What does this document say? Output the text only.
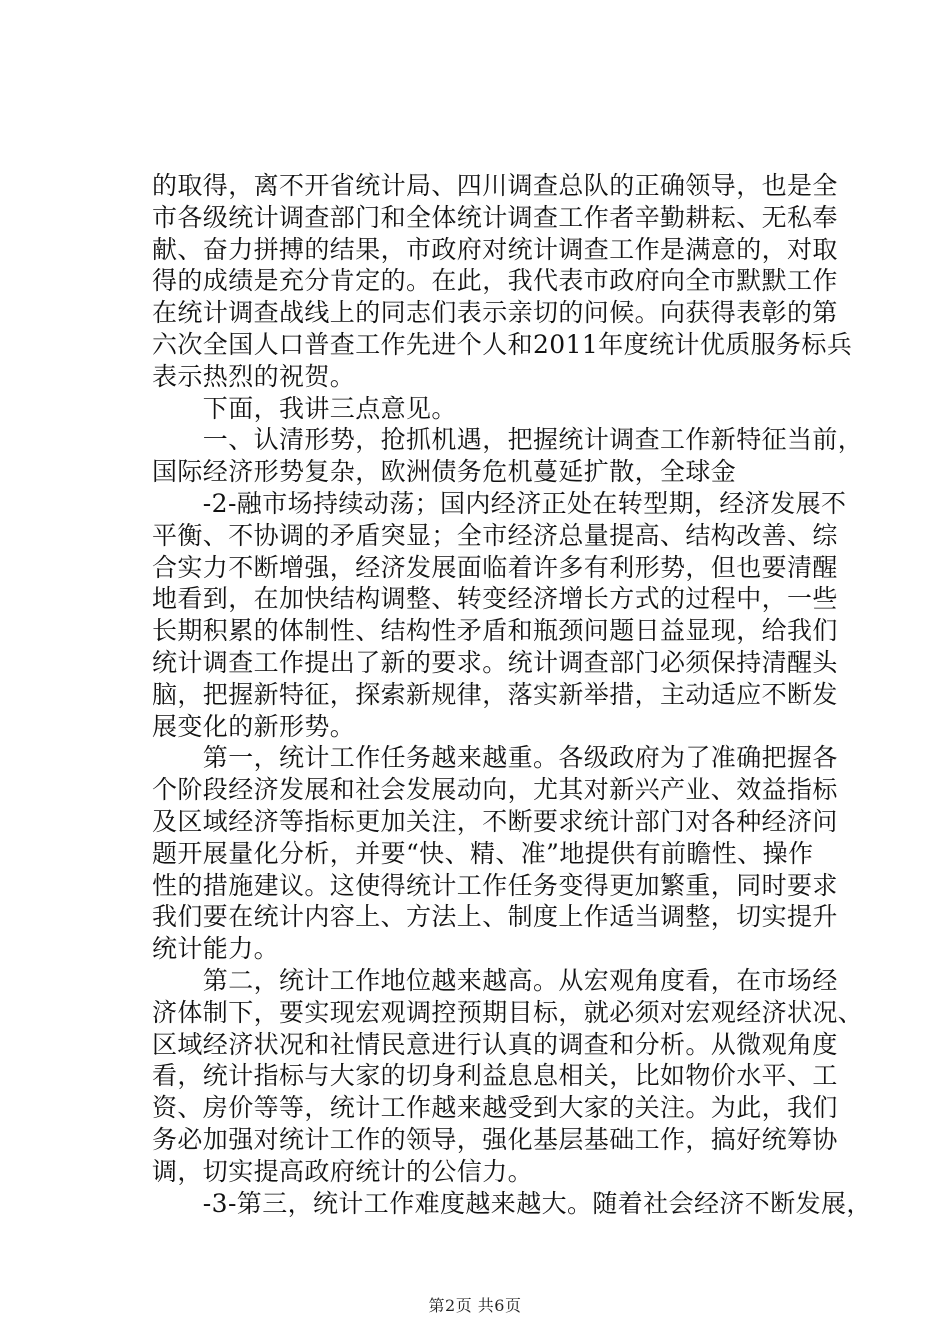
的取得，离不开省统计局、四川调查总队的正确领导，也是全
市各级统计调查部门和全体统计调查工作者辛勤耕耘、无私奉
献、奋力拼搏的结果，市政府对统计调查工作是满意的，对取
得的成绩是充分肯定的。在此，我代表市政府向全市默默工作
在统计调查战线上的同志们表示亲切的问候。向获得表彰的第
六次全国人口普查工作先进个人和2011年度统计优质服务标兵
表示热烈的祝贺。
　　下面，我讲三点意见。
　　一、认清形势，抢抓机遇，把握统计调查工作新特征当前，
国际经济形势复杂，欧洲债务危机蔓延扩散，全球金
　　-2-融市场持续动荡；国内经济正处在转型期，经济发展不
平衡、不协调的矛盾突显；全市经济总量提高、结构改善、综
合实力不断增强，经济发展面临着许多有利形势，但也要清醒
地看到，在加快结构调整、转变经济增长方式的过程中，一些
长期积累的体制性、结构性矛盾和瓶颈问题日益显现，给我们
统计调查工作提出了新的要求。统计调查部门必须保持清醒头
脑，把握新特征，探索新规律，落实新举措，主动适应不断发
展变化的新形势。
　　第一，统计工作任务越来越重。各级政府为了准确把握各
个阶段经济发展和社会发展动向，尤其对新兴产业、效益指标
及区域经济等指标更加关注，不断要求统计部门对各种经济问
题开展量化分析，并要“快、精、准”地提供有前瞻性、操作
性的措施建议。这使得统计工作任务变得更加繁重，同时要求
我们要在统计内容上、方法上、制度上作适当调整，切实提升
统计能力。
　　第二，统计工作地位越来越高。从宏观角度看，在市场经
济体制下，要实现宏观调控预期目标，就必须对宏观经济状况、
区域经济状况和社情民意进行认真的调查和分析。从微观角度
看，统计指标与大家的切身利益息息相关，比如物价水平、工
资、房价等等，统计工作越来越受到大家的关注。为此，我们
务必加强对统计工作的领导，强化基层基础工作，搞好统筹协
调，切实提高政府统计的公信力。
　　-3-第三，统计工作难度越来越大。随着社会经济不断发展，
第2页 共6页
